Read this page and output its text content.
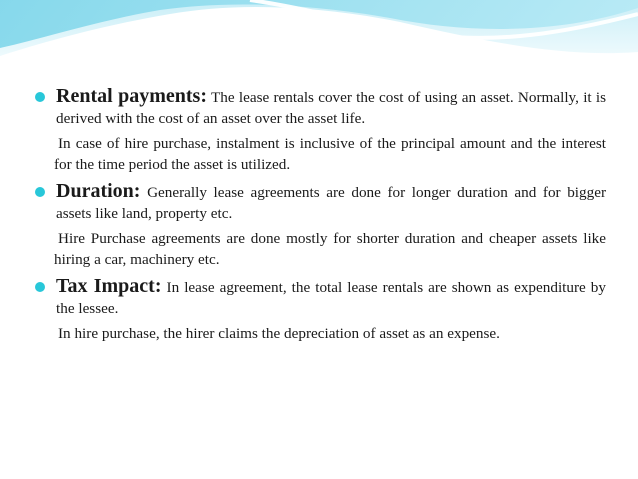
Rental payments: The lease rentals cover the cost of using an asset. Normally, it is derived with the cost of an asset over the asset life.

In case of hire purchase, instalment is inclusive of the principal amount and the interest for the time period the asset is utilized.

Duration: Generally lease agreements are done for longer duration and for bigger assets like land, property etc.

Hire Purchase agreements are done mostly for shorter duration and cheaper assets like hiring a car, machinery etc.

Tax Impact: In lease agreement, the total lease rentals are shown as expenditure by the lessee.

In hire purchase, the hirer claims the depreciation of asset as an expense.
